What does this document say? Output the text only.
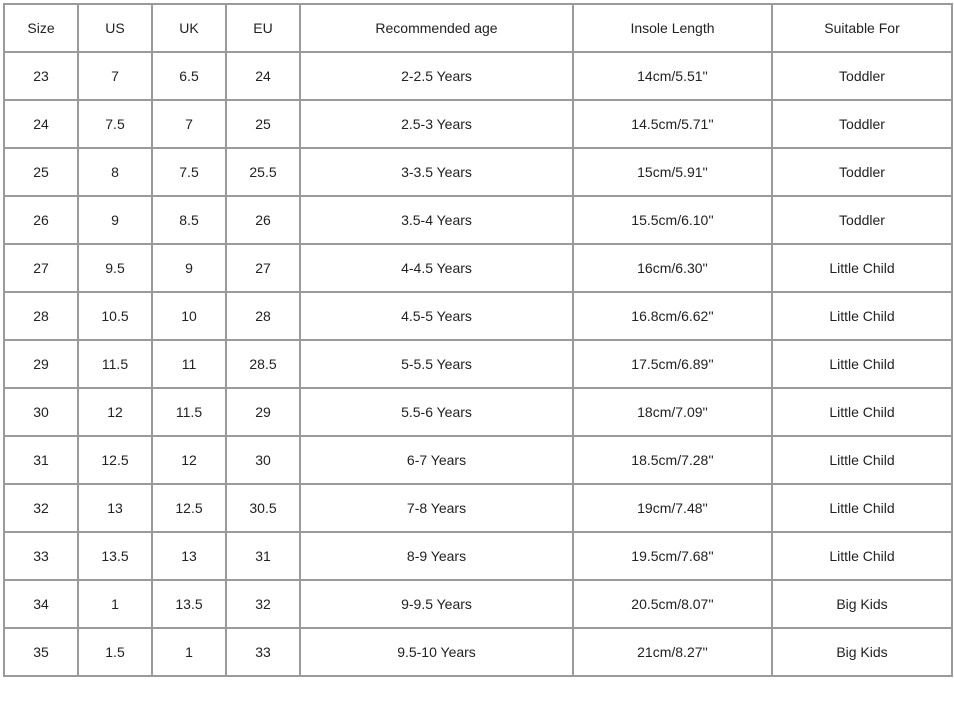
Size	US	UK	EU	Recommended age	Insole Length	Suitable For
23	7	6.5	24	2-2.5 Years	14cm/5.51''	Toddler
24	7.5	7	25	2.5-3 Years	14.5cm/5.71''	Toddler
25	8	7.5	25.5	3-3.5 Years	15cm/5.91''	Toddler
26	9	8.5	26	3.5-4 Years	15.5cm/6.10''	Toddler
27	9.5	9	27	4-4.5 Years	16cm/6.30''	Little Child
28	10.5	10	28	4.5-5 Years	16.8cm/6.62''	Little Child
29	11.5	11	28.5	5-5.5 Years	17.5cm/6.89''	Little Child
30	12	11.5	29	5.5-6 Years	18cm/7.09''	Little Child
31	12.5	12	30	6-7 Years	18.5cm/7.28''	Little Child
32	13	12.5	30.5	7-8 Years	19cm/7.48''	Little Child
33	13.5	13	31	8-9 Years	19.5cm/7.68''	Little Child
34	1	13.5	32	9-9.5 Years	20.5cm/8.07''	Big Kids
35	1.5	1	33	9.5-10 Years	21cm/8.27''	Big Kids
